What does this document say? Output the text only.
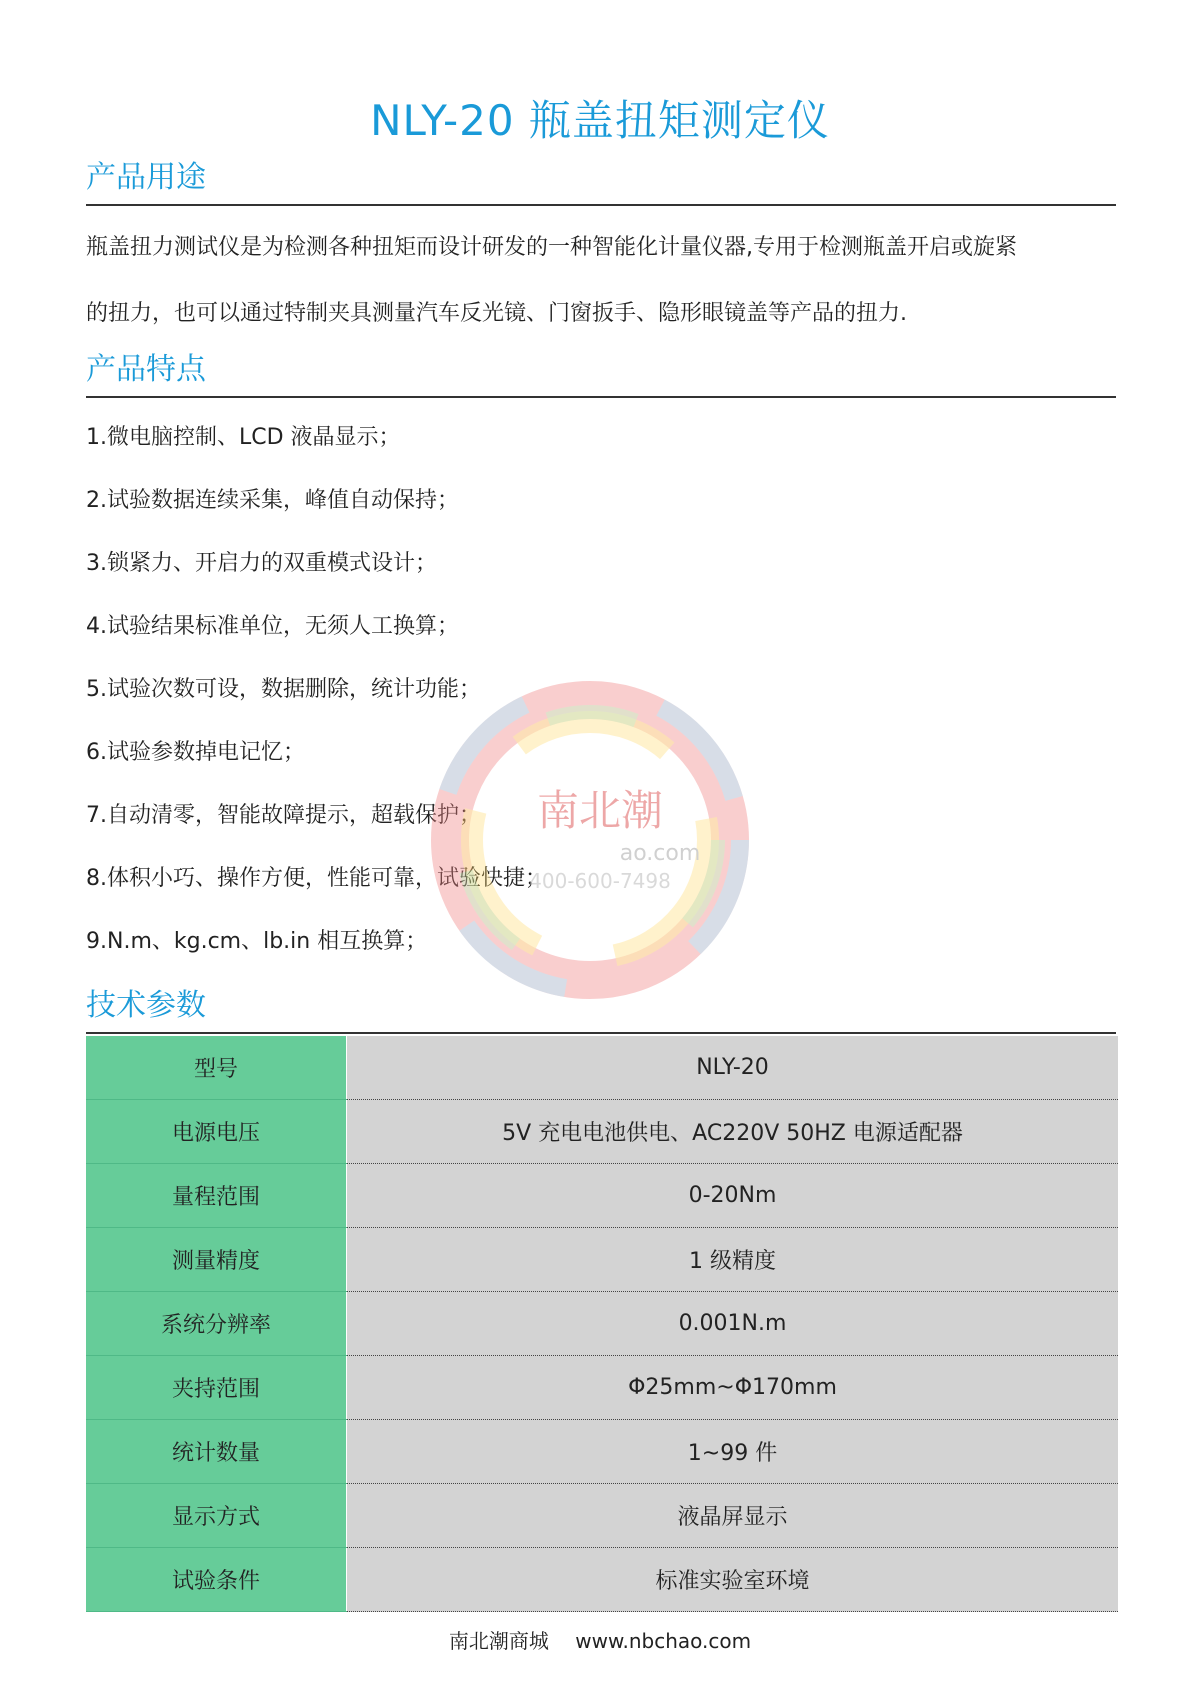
NLY-20 瓶盖扭矩测定仪
产品用途
瓶盖扭力测试仪是为检测各种扭矩而设计研发的一种智能化计量仪器,专用于检测瓶盖开启或旋紧
的扭力，也可以通过特制夹具测量汽车反光镜、门窗扳手、隐形眼镜盖等产品的扭力.
产品特点
1.微电脑控制、LCD 液晶显示；
2.试验数据连续采集，峰值自动保持；
3.锁紧力、开启力的双重模式设计；
4.试验结果标准单位，无须人工换算；
5.试验次数可设，数据删除，统计功能；
6.试验参数掉电记忆；
7.自动清零，智能故障提示，超载保护；
8.体积小巧、操作方便，性能可靠，试验快捷；
9.N.m、kg.cm、lb.in 相互换算；
技术参数
南北潮
ao.com
400-600-7498
型号	NLY-20
电源电压	5V 充电电池供电、AC220V 50HZ 电源适配器
量程范围	0-20Nm
测量精度	1 级精度
系统分辨率	0.001N.m
夹持范围	Φ25mm~Φ170mm
统计数量	1~99 件
显示方式	液晶屏显示
试验条件	标准实验室环境
南北潮商城 www.nbchao.com
